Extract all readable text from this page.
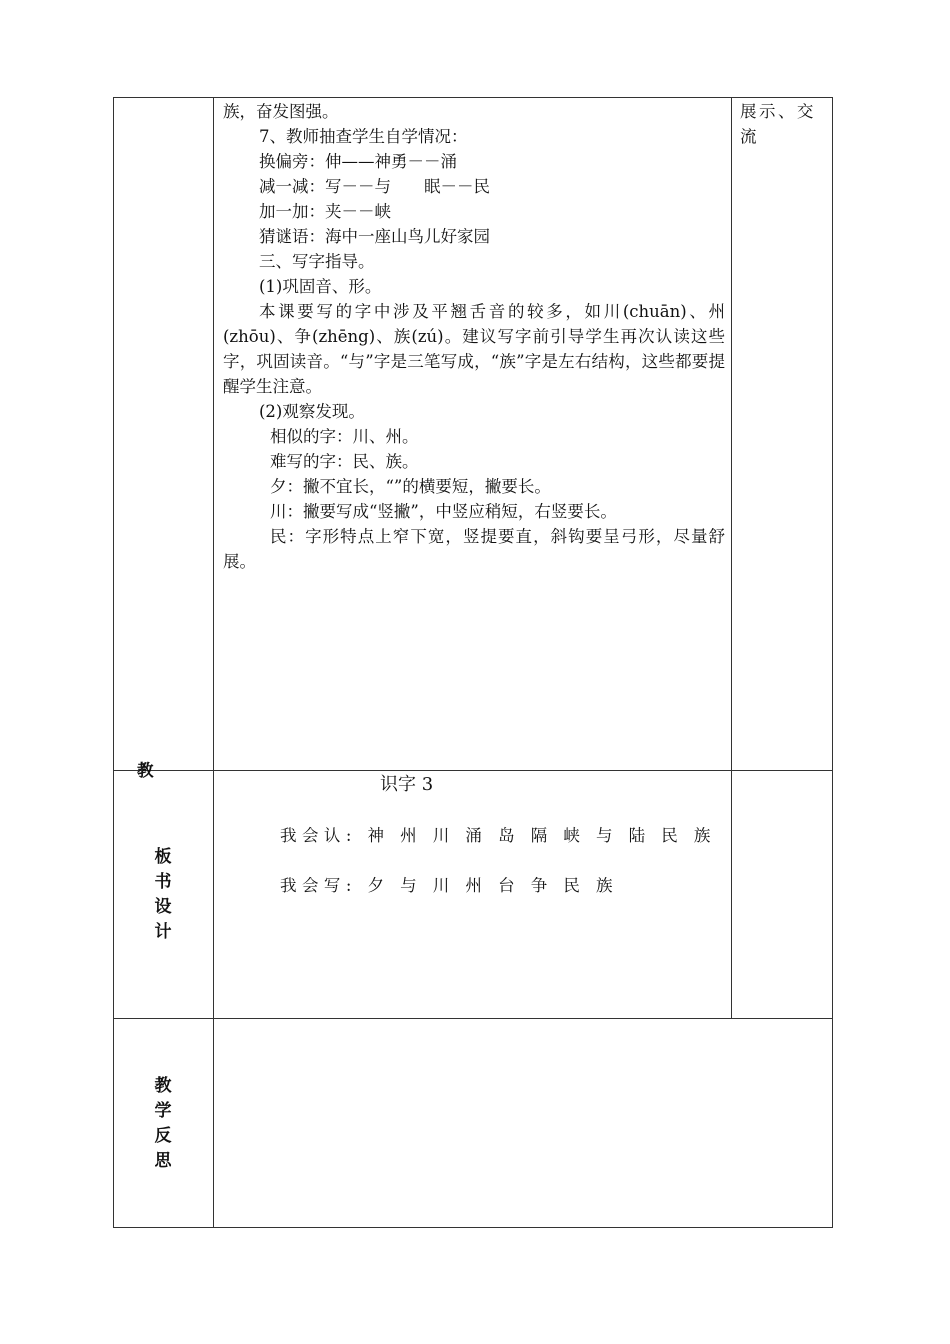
族，奋发图强。
7、教师抽查学生自学情况：
换偏旁：伸——神勇－－涌
减一减：写－－与　　眠－－民
加一加：夹－－峡
猜谜语：海中一座山鸟儿好家园
三、写字指导。
(1)巩固音、形。
本课要写的字中涉及平翘舌音的较多，如川(chuān)、州(zhōu)、争(zhēng)、族(zú)。建议写字前引导学生再次认读这些字，巩固读音。“与”字是三笔写成，“族”字是左右结构，这些都要提醒学生注意。
(2)观察发现。
相似的字：川、州。
难写的字：民、族。
夕：撇不宜长，“”的横要短，撇要长。
川：撇要写成“竖撇”，中竖应稍短，右竖要长。
民：字形特点上窄下宽，竖提要直，斜钩要呈弓形，尽量舒展。
展示、交
流
教
板
书
设
计
识字 3
我会认: 神 州 川 涌 岛 隔 峡 与 陆 民 族
我会写: 夕 与 川 州 台 争 民 族
教
学
反
思
